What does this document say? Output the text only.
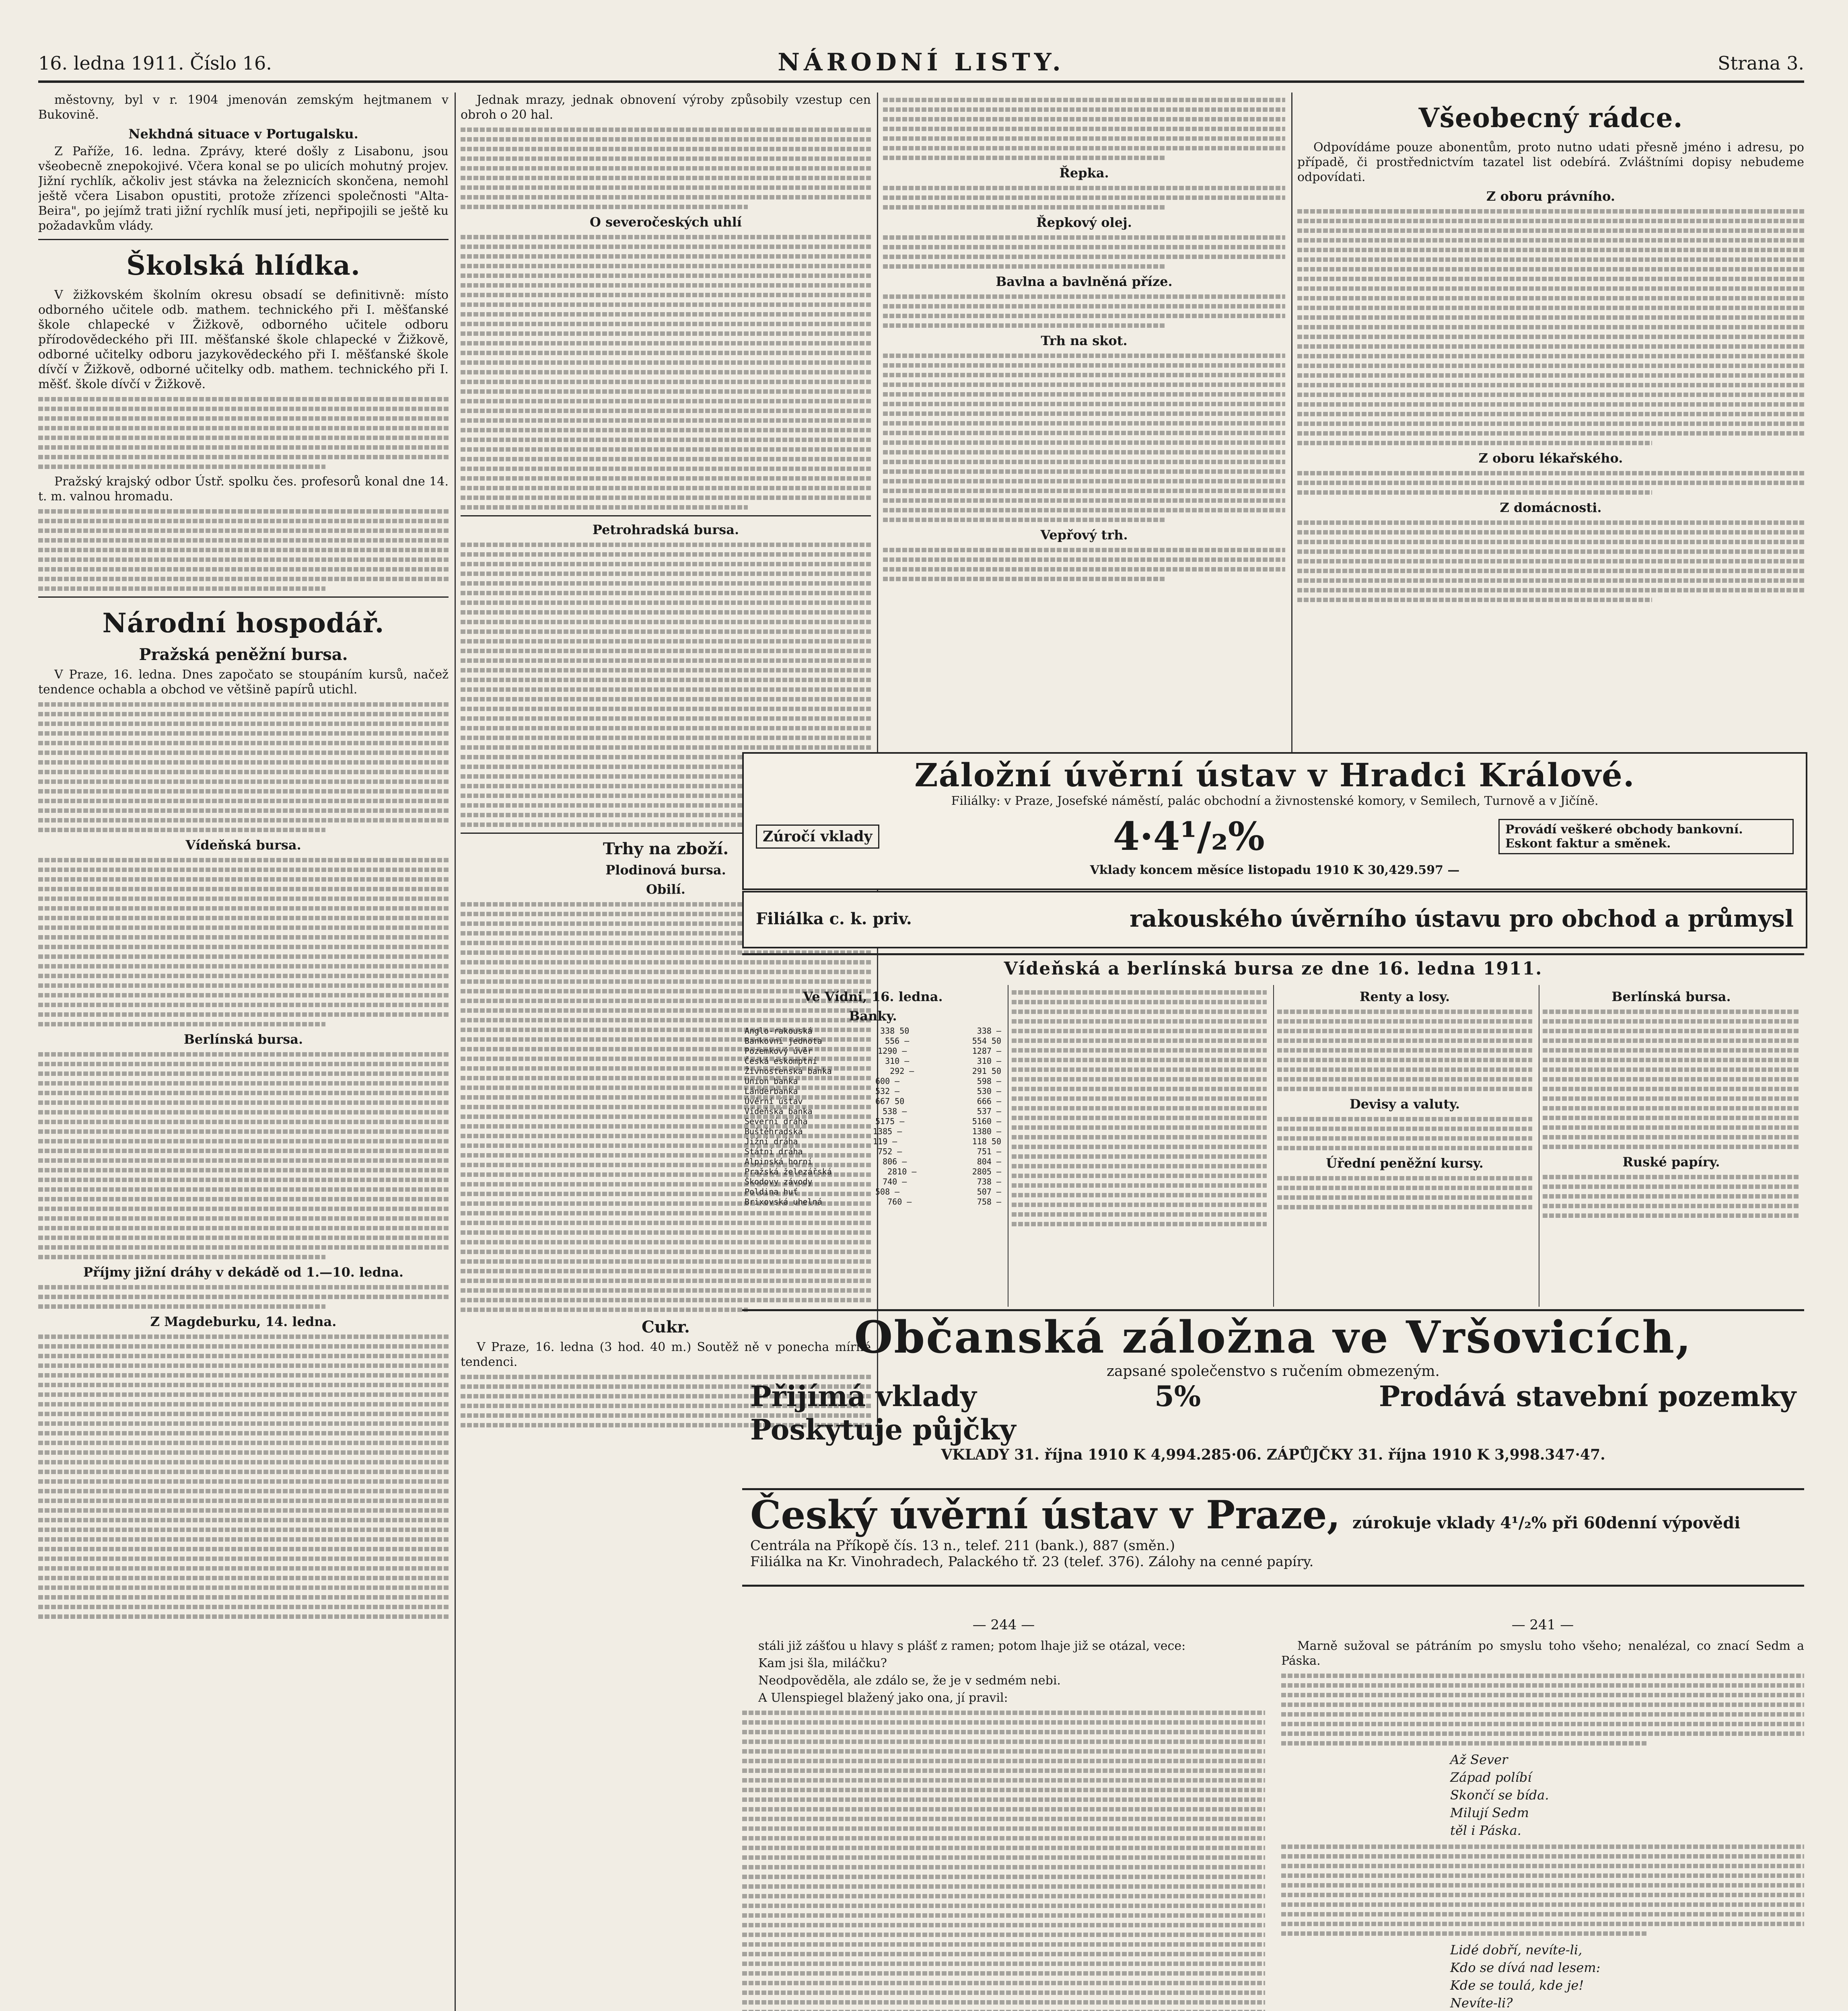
16. ledna 1911. Číslo 16.	NÁRODNÍ LISTY.	Strana 3.

městovny, byl v r. 1904 jmenován zemským hejtmanem v Bukovině.

Nekhdná situace v Portugalsku.

Z Paříže, 16. ledna. Zprávy, které došly z Lisabonu, jsou všeobecně znepokojivé. Včera konal se po ulicích mohutný projev. Jižní rychlík, ačkoliv jest stávka na železnicích skončena, nemohl ještě včera Lisabon opustiti, protože zřízenci společnosti "Alta-Beira", po jejímž trati jižní rychlík musí jeti, nepřipojili se ještě ku požadavkům vlády.

Školská hlídka.

V žižkovském školním okresu obsadí se definitivně: místo odborného učitele odb. mathem. technického při I. měšťanské škole chlapecké v Žižkově, odborného učitele odboru přírodovědeckého při III. měšťanské škole chlapecké v Žižkově, odborné učitelky odboru jazykovědeckého při I. měšťanské škole dívčí v Žižkově, odborné učitelky odb. mathem. technického při I. měšť. škole dívčí v Žižkově.

Pražský krajský odbor Ústř. spolku čes. profesorů konal dne 14. t. m. valnou hromadu.

Národní hospodář.
Pražská peněžní bursa.

V Praze, 16. ledna. Dnes započato se stoupáním kursů, načež tendence ochabla a obchod ve většině papírů utichl.

Vídeňská bursa.
Berlínská bursa.
Příjmy jižní dráhy v dekádě od 1.—10. ledna.
Z Magdeburku, 14. ledna.

Jednak mrazy, jednak obnovení výroby způsobily vzestup cen obroh o 20 hal.

O severočeských uhlí
Petrohradská bursa.
Trhy na zboží.
Plodinová bursa.
Obilí.
Cukr.

V Praze, 16. ledna (3 hod. 40 m.) Soutěž ně v ponecha mírné tendenci.

Řepka.
Řepkový olej.
Bavlna a bavlněná příze.
Trh na skot.
Vepřový trh.
Všeobecný rádce.

Odpovídáme pouze abonentům, proto nutno udati přesně jméno i adresu, po případě, či prostřednictvím tazatel list odebírá. Zvláštními dopisy nebudeme odpovídati.

Z oboru právního.
Z oboru lékařského.
Z domácnosti.
Záložní úvěrní ústav v Hradci Králové.
Filiálky: v Praze, Josefské náměstí, palác obchodní a živnostenské komory, v Semilech, Turnově a v Jičíně.
Zúročí vklady	4·4¹/₂%	Provádí veškeré obchody bankovní. Eskont faktur a směnek.
Vklady koncem měsíce listopadu 1910 K 30,429.597 —
Filiálka c. k. priv.	rakouského úvěrního ústavu pro obchod a průmysl
Vídeňská a berlínská bursa ze dne 16. ledna 1911.
Ve Vídni, 16. ledna.
Banky.
Anglo-rakouská	338 50	338 —
Bankovní jednota	556 —	554 50
Pozemkový úvěr	1290 —	1287 —
Česká eskomptní	310 —	310 —
Živnostenská banka	292 —	291 50
Union banka	600 —	598 —
Länderbanka	532 —	530 —
Úvěrní ústav	667 50	666 —
Vídeňská banka	538 —	537 —
Severní dráha	5175 —	5160 —
Buštěhradská	1385 —	1380 —
Jižní dráha	119 —	118 50
Státní dráha	752 —	751 —
Alpinská horní	806 —	804 —
Pražská železářská	2810 —	2805 —
Škodovy závody	740 —	738 —
Poldina huť	508 —	507 —
Brixovská uhelná	760 —	758 —
Renty a losy.
Devisy a valuty.
Úřední peněžní kursy.
Berlínská bursa.
Ruské papíry.
Občanská záložna ve Vršovicích,
zapsané společenstvo s ručením obmezeným.
Přijímá vklady	5%	Prodává stavební pozemky
Poskytuje půjčky
VKLADY 31. října 1910 K 4,994.285·06. ZÁPŮJČKY 31. října 1910 K 3,998.347·47.
Český úvěrní ústav v Praze, zúrokuje vklady 4¹/₂% při 60denní výpovědi
Centrála na Příkopě čís. 13 n., telef. 211 (bank.), 887 (směn.)
Filiálka na Kr. Vinohradech, Palackého tř. 23 (telef. 376). Zálohy na cenné papíry.
— 244 —

stáli již zášťou u hlavy s plášť z ramen; potom lhaje již se otázal, vece:

Kam jsi šla, miláčku?

Neodpověděla, ale zdálo se, že je v sedmém nebi.

A Ulenspiegel blažený jako ona, jí pravil:

— 241 —

Marně sužoval se pátráním po smyslu toho všeho; nenalézal, co znací Sedm a Páska.

Až Sever
Západ políbí
Skončí se bída.
Milují Sedm
těl i Páska.
Lidé dobří, nevíte-li,
Kdo se dívá nad lesem:
Kde se toulá, kde je!
Nevíte-li?
